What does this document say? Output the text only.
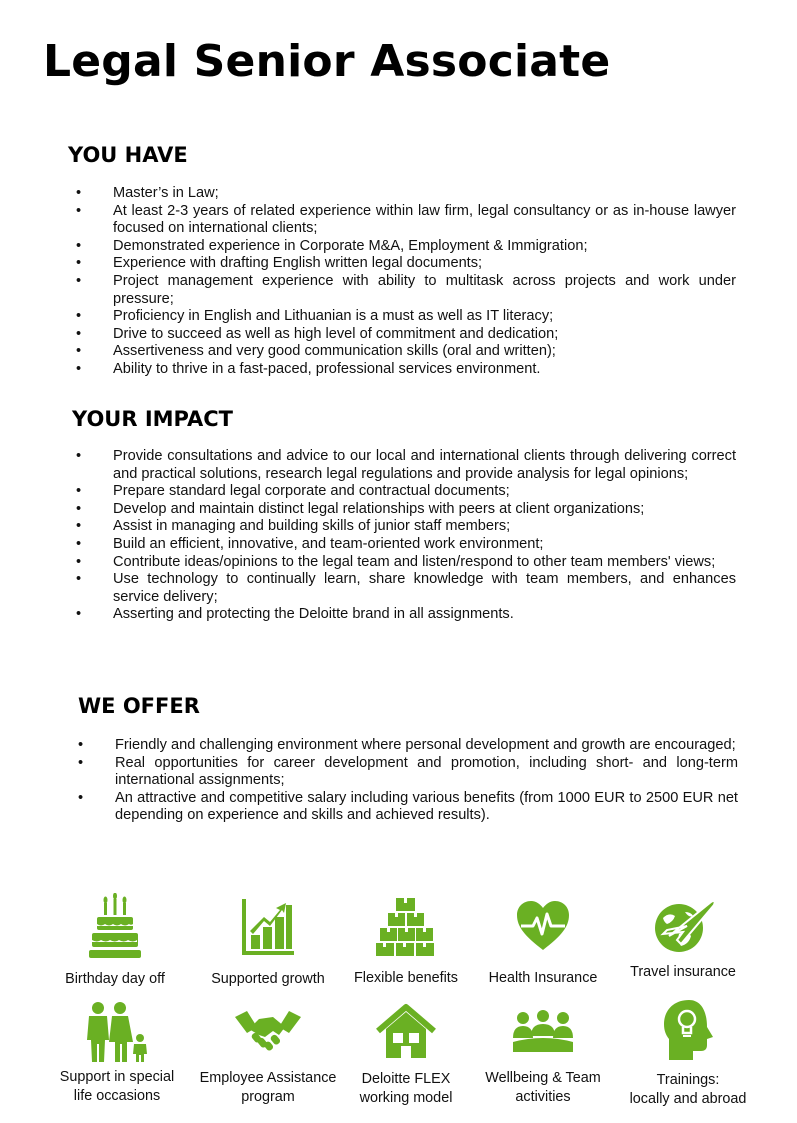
Legal Senior Associate
YOU HAVE
• Master’s in Law;
• At least 2-3 years of related experience within law firm, legal consultancy or as in-house lawyer focused on international clients;
• Demonstrated experience in Corporate M&A, Employment & Immigration;
• Experience with drafting English written legal documents;
• Project management experience with ability to multitask across projects and work under pressure;
• Proficiency in English and Lithuanian is a must as well as IT literacy;
• Drive to succeed as well as high level of commitment and dedication;
• Assertiveness and very good communication skills (oral and written);
• Ability to thrive in a fast-paced, professional services environment.
YOUR IMPACT
• Provide consultations and advice to our local and international clients through delivering correct and practical solutions, research legal regulations and provide analysis for legal opinions;
• Prepare standard legal corporate and contractual documents;
• Develop and maintain distinct legal relationships with peers at client organizations;
• Assist in managing and building skills of junior staff members;
• Build an efficient, innovative, and team-oriented work environment;
• Contribute ideas/opinions to the legal team and listen/respond to other team members' views;
• Use technology to continually learn, share knowledge with team members, and enhances service delivery;
• Asserting and protecting the Deloitte brand in all assignments.
WE OFFER
• Friendly and challenging environment where personal development and growth are encouraged;
• Real opportunities for career development and promotion, including short- and long-term international assignments;
• An attractive and competitive salary including various benefits (from 1000 EUR to 2500 EUR net depending on experience and skills and achieved results).
Birthday day off	Supported growth	Flexible benefits	Health Insurance	Travel insurance
Support in special
life occasions
Employee Assistance
program
Deloitte FLEX
working model
Wellbeing & Team
activities
Trainings:
locally and abroad
